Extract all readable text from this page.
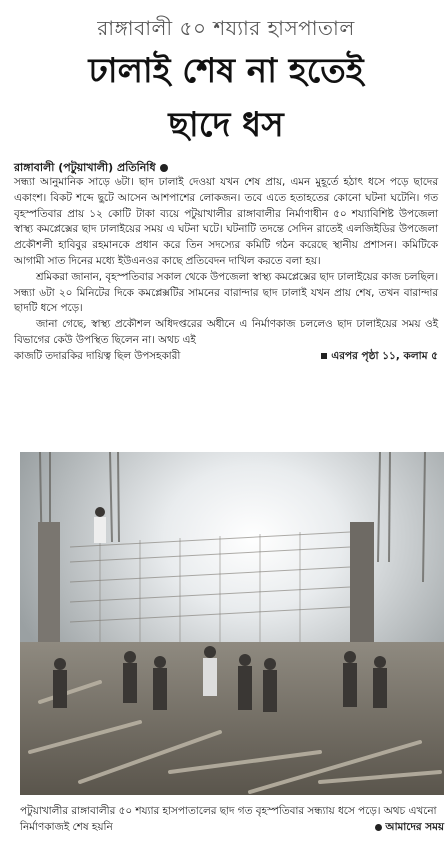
রাঙ্গাবালী ৫০ শয্যার হাসপাতাল
ঢালাই শেষ না হতেই
ছাদে ধস
রাঙ্গাবালী (পটুয়াখালী) প্রতিনিধি

সন্ধ্যা আনুমানিক সাড়ে ৬টা। ছাদ ঢালাই দেওয়া যখন শেষ প্রায়, এমন মুহূর্তে হঠাৎ ধসে পড়ে ছাদের একাংশ। বিকট শব্দে ছুটে আসেন আশপাশের লোকজন। তবে এতে হতাহতের কোনো ঘটনা ঘটেনি। গত বৃহস্পতিবার প্রায় ১২ কোটি টাকা ব্যয়ে পটুয়াখালীর রাঙ্গাবালীর নির্মাণাধীন ৫০ শয্যাবিশিষ্ট উপজেলা স্বাস্থ্য কমপ্লেক্সের ছাদ ঢালাইয়ের সময় এ ঘটনা ঘটে। ঘটনাটি তদন্তে সেদিন রাতেই এলজিইডির উপজেলা প্রকৌশলী হাবিবুর রহমানকে প্রধান করে তিন সদস্যের কমিটি গঠন করেছে স্থানীয় প্রশাসন। কমিটিকে আগামী সাত দিনের মধ্যে ইউএনওর কাছে প্রতিবেদন দাখিল করতে বলা হয়।

শ্রমিকরা জানান, বৃহস্পতিবার সকাল থেকে উপজেলা স্বাস্থ্য কমপ্লেক্সের ছাদ ঢালাইয়ের কাজ চলছিল। সন্ধ্যা ৬টা ২০ মিনিটের দিকে কমপ্লেক্সটির সামনের বারান্দার ছাদ ঢালাই যখন প্রায় শেষ, তখন বারান্দার ছাদটি ধসে পড়ে।

জানা গেছে, স্বাস্থ্য প্রকৌশল অধিদপ্তরের অধীনে এ নির্মাণকাজ চললেও ছাদ ঢালাইয়ের সময় ওই বিভাগের কেউ উপস্থিত ছিলেন না। অথচ এই

কাজটি তদারকির দায়িত্ব ছিল উপসহকারী	এরপর পৃষ্ঠা ১১, কলাম ৫
পটুয়াখালীর রাঙ্গাবালীর ৫০ শয্যার হাসপাতালের ছাদ গত বৃহস্পতিবার সন্ধ্যায় ধসে পড়ে। অথচ এখনো নির্মাণকাজই শেষ হয়নি	আমাদের সময়
